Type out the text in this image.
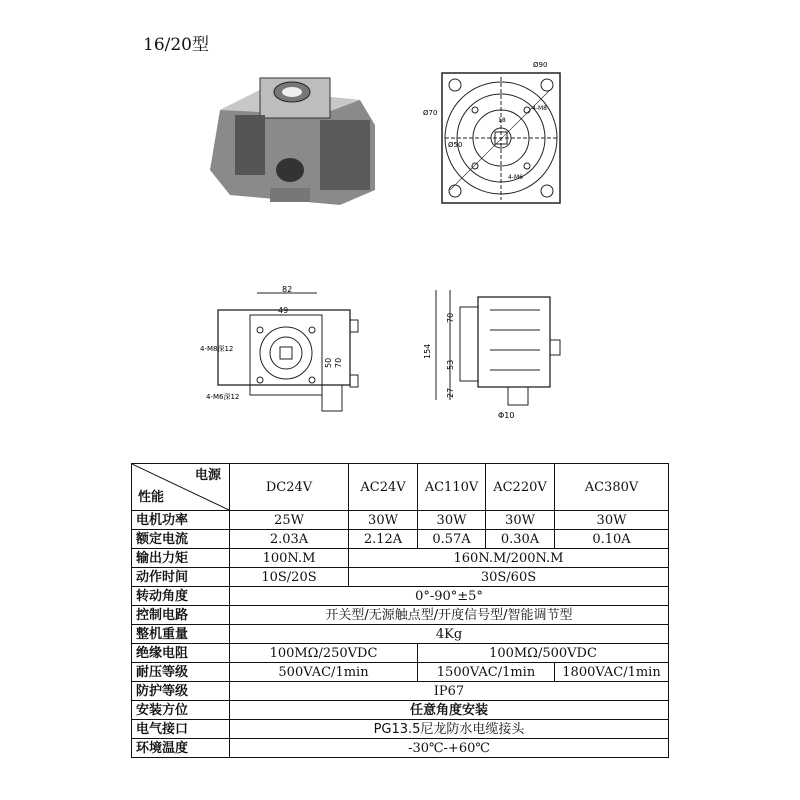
16/20型
Ø90
Ø70
Ø50
4-M8
4-M6
18
82
49
4-M8深12
4-M6深12
50 70
154
70
53
27
Φ10
电源
性能	DC24V	AC24V	AC110V	AC220V	AC380V
电机功率	25W	30W	30W	30W	30W
额定电流	2.03A	2.12A	0.57A	0.30A	0.10A
输出力矩	100N.M	160N.M/200N.M			
动作时间	10S/20S	30S/60S			
转动角度	0°-90°±5°				
控制电路	开关型/无源触点型/开度信号型/智能调节型				
整机重量	4Kg				
绝缘电阻	100MΩ/250VDC		100MΩ/500VDC		
耐压等级	500VAC/1min		1500VAC/1min		1800VAC/1min
防护等级	IP67				
安装方位	任意角度安装				
电气接口	PG13.5尼龙防水电缆接头				
环境温度	-30℃-+60℃				
